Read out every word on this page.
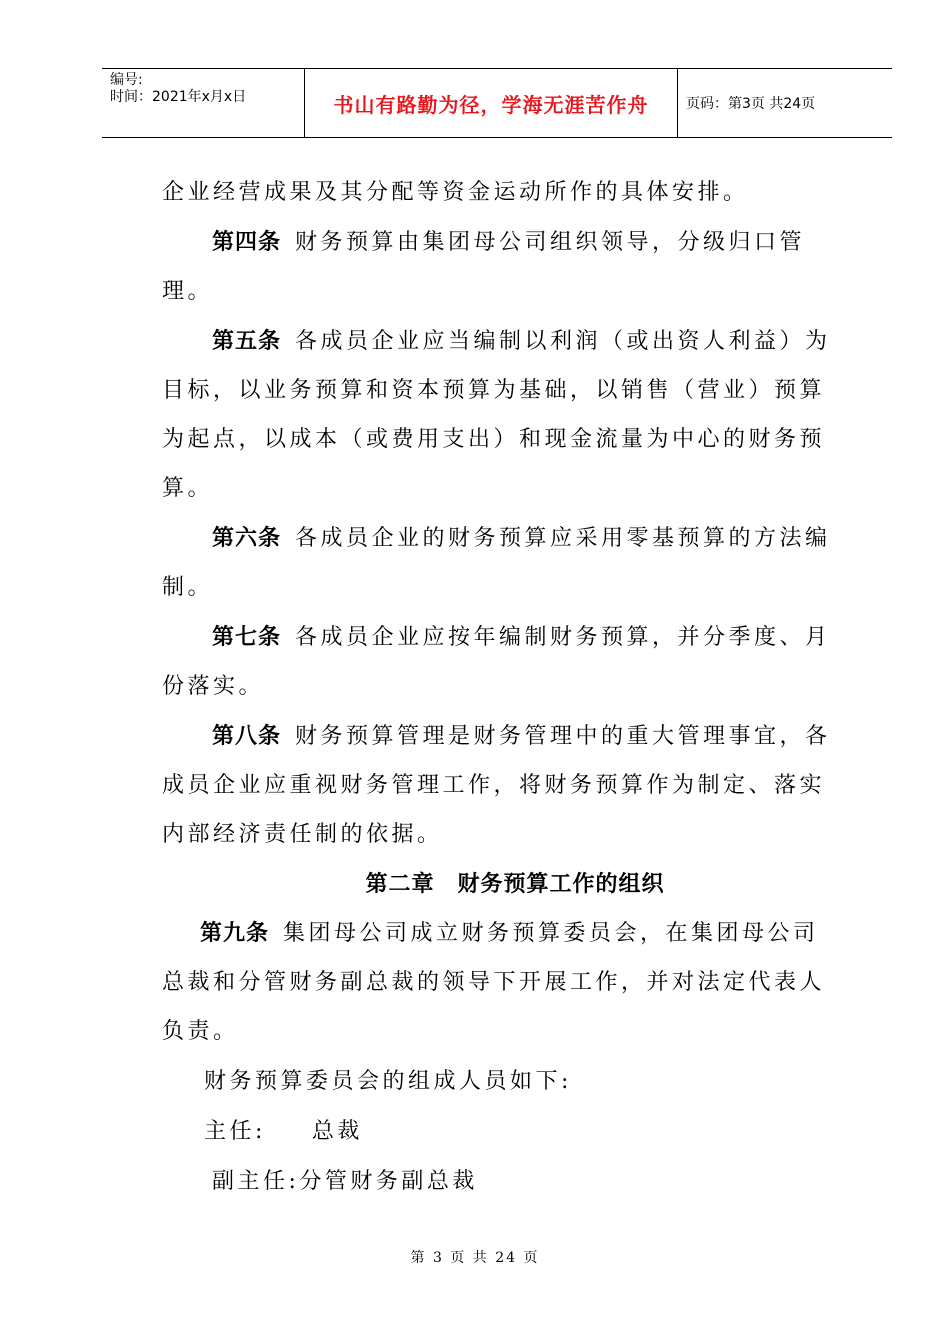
编号:
时间：2021年x月x日	书山有路勤为径，学海无涯苦作舟	页码：第3页 共24页

企业经营成果及其分配等资金运动所作的具体安排。

第四条 财务预算由集团母公司组织领导，分级归口管理。

第五条 各成员企业应当编制以利润（或出资人利益）为目标，以业务预算和资本预算为基础，以销售（营业）预算为起点，以成本（或费用支出）和现金流量为中心的财务预算。

第六条 各成员企业的财务预算应采用零基预算的方法编制。

第七条 各成员企业应按年编制财务预算，并分季度、月份落实。

第八条 财务预算管理是财务管理中的重大管理事宜，各成员企业应重视财务管理工作，将财务预算作为制定、落实内部经济责任制的依据。

第二章　财务预算工作的组织

第九条 集团母公司成立财务预算委员会，在集团母公司总裁和分管财务副总裁的领导下开展工作，并对法定代表人负责。

财务预算委员会的组成人员如下:

主任: 总裁

副主任:分管财务副总裁

第 3 页 共 24 页
